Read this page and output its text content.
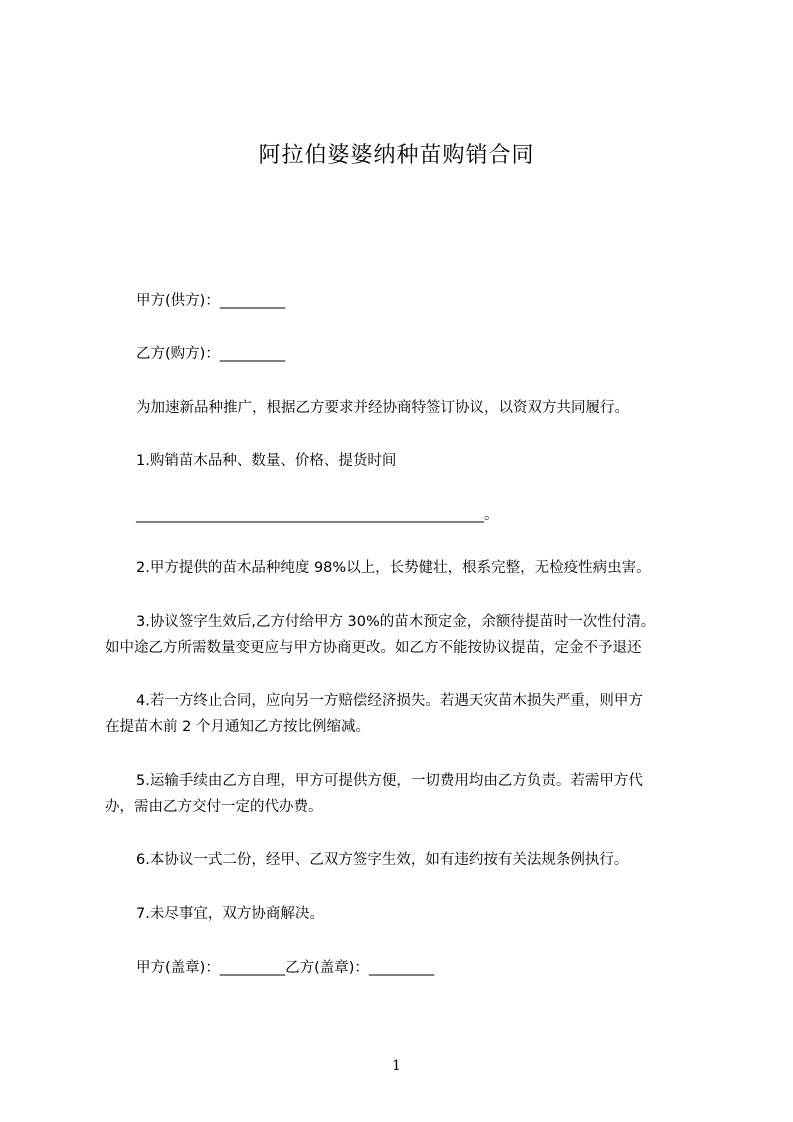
阿拉伯婆婆纳种苗购销合同
甲方(供方)：_________
乙方(购方)：_________
为加速新品种推广，根据乙方要求并经协商特签订协议，以资双方共同履行。
1.购销苗木品种、数量、价格、提货时间
________________________________________________。
2.甲方提供的苗木品种纯度 98%以上，长势健壮，根系完整，无检疫性病虫害。
3.协议签字生效后,乙方付给甲方 30%的苗木预定金，余额待提苗时一次性付清。
如中途乙方所需数量变更应与甲方协商更改。如乙方不能按协议提苗，定金不予退还
4.若一方终止合同，应向另一方赔偿经济损失。若遇天灾苗木损失严重，则甲方
在提苗木前 2 个月通知乙方按比例缩减。
5.运输手续由乙方自理，甲方可提供方便，一切费用均由乙方负责。若需甲方代
办，需由乙方交付一定的代办费。
6.本协议一式二份，经甲、乙双方签字生效，如有违约按有关法规条例执行。
7.未尽事宜，双方协商解决。
甲方(盖章)：_________乙方(盖章)：_________
1
